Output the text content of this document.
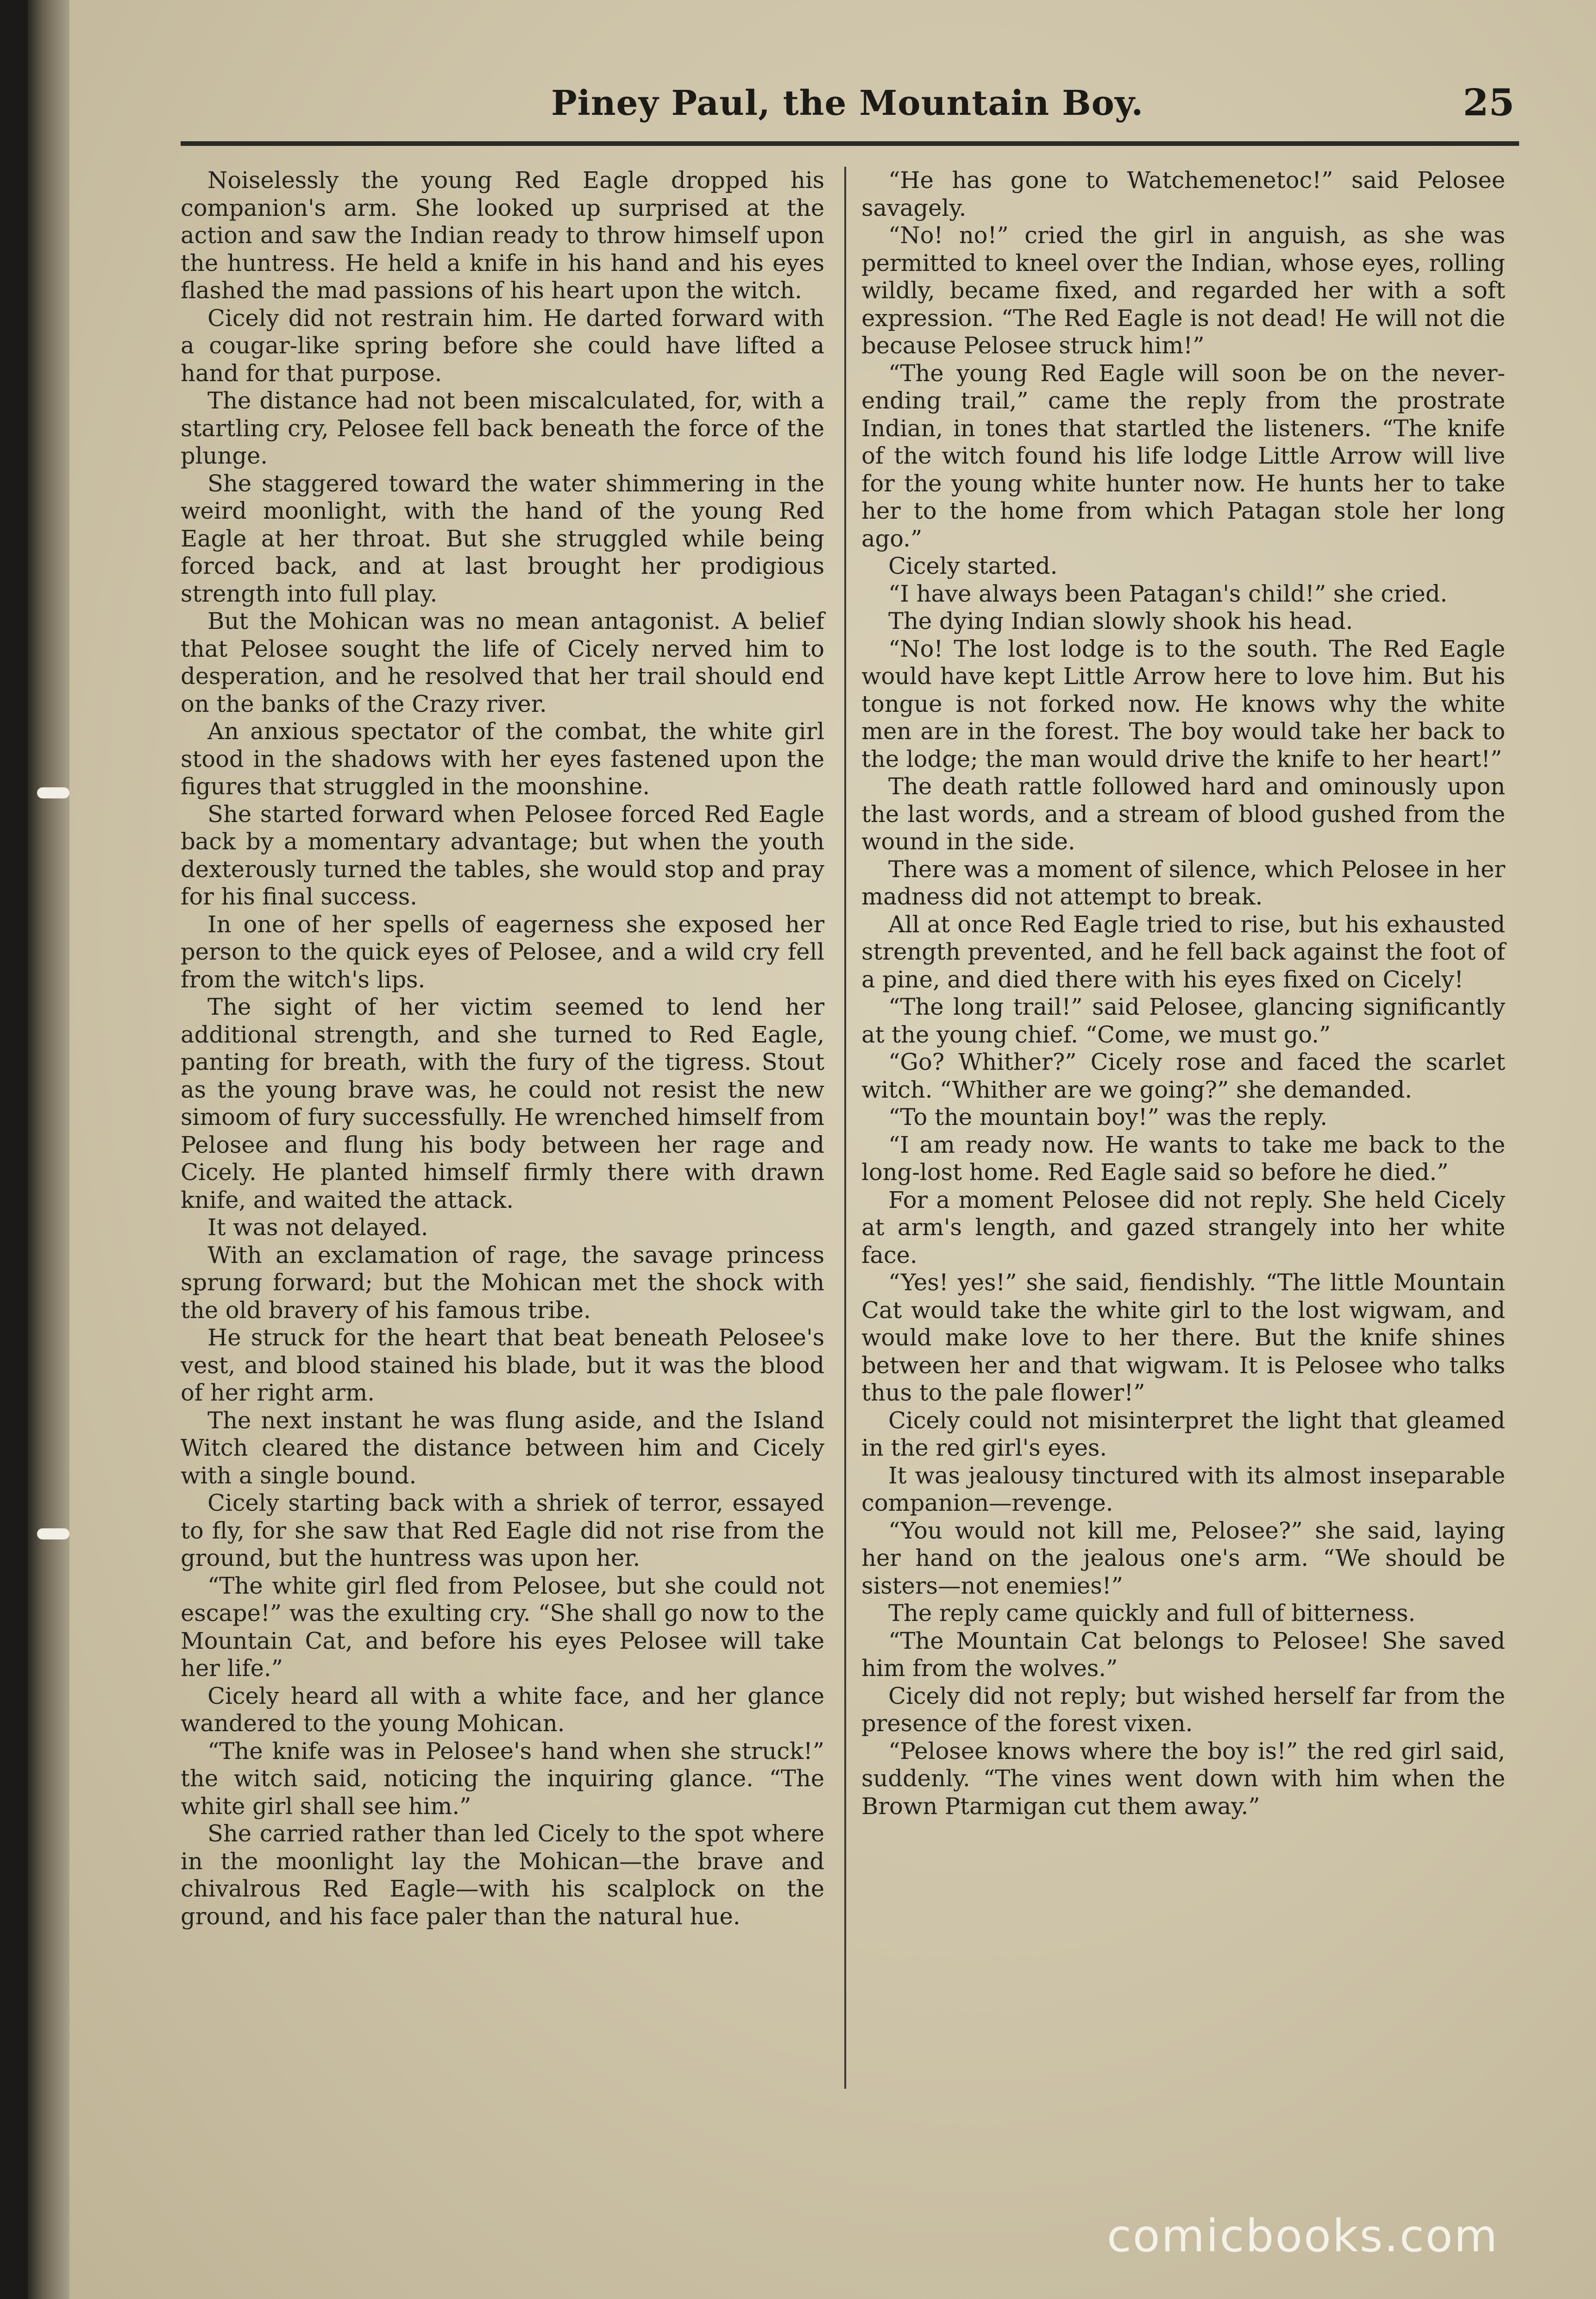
Piney Paul, the Mountain Boy.	25

Noiselessly the young Red Eagle dropped his companion's arm. She looked up surprised at the action and saw the Indian ready to throw himself upon the huntress. He held a knife in his hand and his eyes flashed the mad passions of his heart upon the witch.

Cicely did not restrain him. He darted forward with a cougar-like spring before she could have lifted a hand for that purpose.

The distance had not been miscalculated, for, with a startling cry, Pelosee fell back beneath the force of the plunge.

She staggered toward the water shimmering in the weird moonlight, with the hand of the young Red Eagle at her throat. But she struggled while being forced back, and at last brought her prodigious strength into full play.

But the Mohican was no mean antagonist. A belief that Pelosee sought the life of Cicely nerved him to desperation, and he resolved that her trail should end on the banks of the Crazy river.

An anxious spectator of the combat, the white girl stood in the shadows with her eyes fastened upon the figures that struggled in the moonshine.

She started forward when Pelosee forced Red Eagle back by a momentary advantage; but when the youth dexterously turned the tables, she would stop and pray for his final success.

In one of her spells of eagerness she exposed her person to the quick eyes of Pelosee, and a wild cry fell from the witch's lips.

The sight of her victim seemed to lend her additional strength, and she turned to Red Eagle, panting for breath, with the fury of the tigress. Stout as the young brave was, he could not resist the new simoom of fury successfully. He wrenched himself from Pelosee and flung his body between her rage and Cicely. He planted himself firmly there with drawn knife, and waited the attack.

It was not delayed.

With an exclamation of rage, the savage princess sprung forward; but the Mohican met the shock with the old bravery of his famous tribe.

He struck for the heart that beat beneath Pelosee's vest, and blood stained his blade, but it was the blood of her right arm.

The next instant he was flung aside, and the Island Witch cleared the distance between him and Cicely with a single bound.

Cicely starting back with a shriek of terror, essayed to fly, for she saw that Red Eagle did not rise from the ground, but the huntress was upon her.

“The white girl fled from Pelosee, but she could not escape!” was the exulting cry. “She shall go now to the Mountain Cat, and before his eyes Pelosee will take her life.”

Cicely heard all with a white face, and her glance wandered to the young Mohican.

“The knife was in Pelosee's hand when she struck!” the witch said, noticing the inquiring glance. “The white girl shall see him.”

She carried rather than led Cicely to the spot where in the moonlight lay the Mohican—the brave and chivalrous Red Eagle—with his scalplock on the ground, and his face paler than the natural hue.

“He has gone to Watchemenetoc!” said Pelosee savagely.

“No! no!” cried the girl in anguish, as she was permitted to kneel over the Indian, whose eyes, rolling wildly, became fixed, and regarded her with a soft expression. “The Red Eagle is not dead! He will not die because Pelosee struck him!”

“The young Red Eagle will soon be on the never-ending trail,” came the reply from the prostrate Indian, in tones that startled the listeners. “The knife of the witch found his life lodge Little Arrow will live for the young white hunter now. He hunts her to take her to the home from which Patagan stole her long ago.”

Cicely started.

“I have always been Patagan's child!” she cried.

The dying Indian slowly shook his head.

“No! The lost lodge is to the south. The Red Eagle would have kept Little Arrow here to love him. But his tongue is not forked now. He knows why the white men are in the forest. The boy would take her back to the lodge; the man would drive the knife to her heart!”

The death rattle followed hard and ominously upon the last words, and a stream of blood gushed from the wound in the side.

There was a moment of silence, which Pelosee in her madness did not attempt to break.

All at once Red Eagle tried to rise, but his exhausted strength prevented, and he fell back against the foot of a pine, and died there with his eyes fixed on Cicely!

“The long trail!” said Pelosee, glancing significantly at the young chief. “Come, we must go.”

“Go? Whither?” Cicely rose and faced the scarlet witch. “Whither are we going?” she demanded.

“To the mountain boy!” was the reply.

“I am ready now. He wants to take me back to the long-lost home. Red Eagle said so before he died.”

For a moment Pelosee did not reply. She held Cicely at arm's length, and gazed strangely into her white face.

“Yes! yes!” she said, fiendishly. “The little Mountain Cat would take the white girl to the lost wigwam, and would make love to her there. But the knife shines between her and that wigwam. It is Pelosee who talks thus to the pale flower!”

Cicely could not misinterpret the light that gleamed in the red girl's eyes.

It was jealousy tinctured with its almost inseparable companion—revenge.

“You would not kill me, Pelosee?” she said, laying her hand on the jealous one's arm. “We should be sisters—not enemies!”

The reply came quickly and full of bitterness.

“The Mountain Cat belongs to Pelosee! She saved him from the wolves.”

Cicely did not reply; but wished herself far from the presence of the forest vixen.

“Pelosee knows where the boy is!” the red girl said, suddenly. “The vines went down with him when the Brown Ptarmigan cut them away.”

comicbooks.com
